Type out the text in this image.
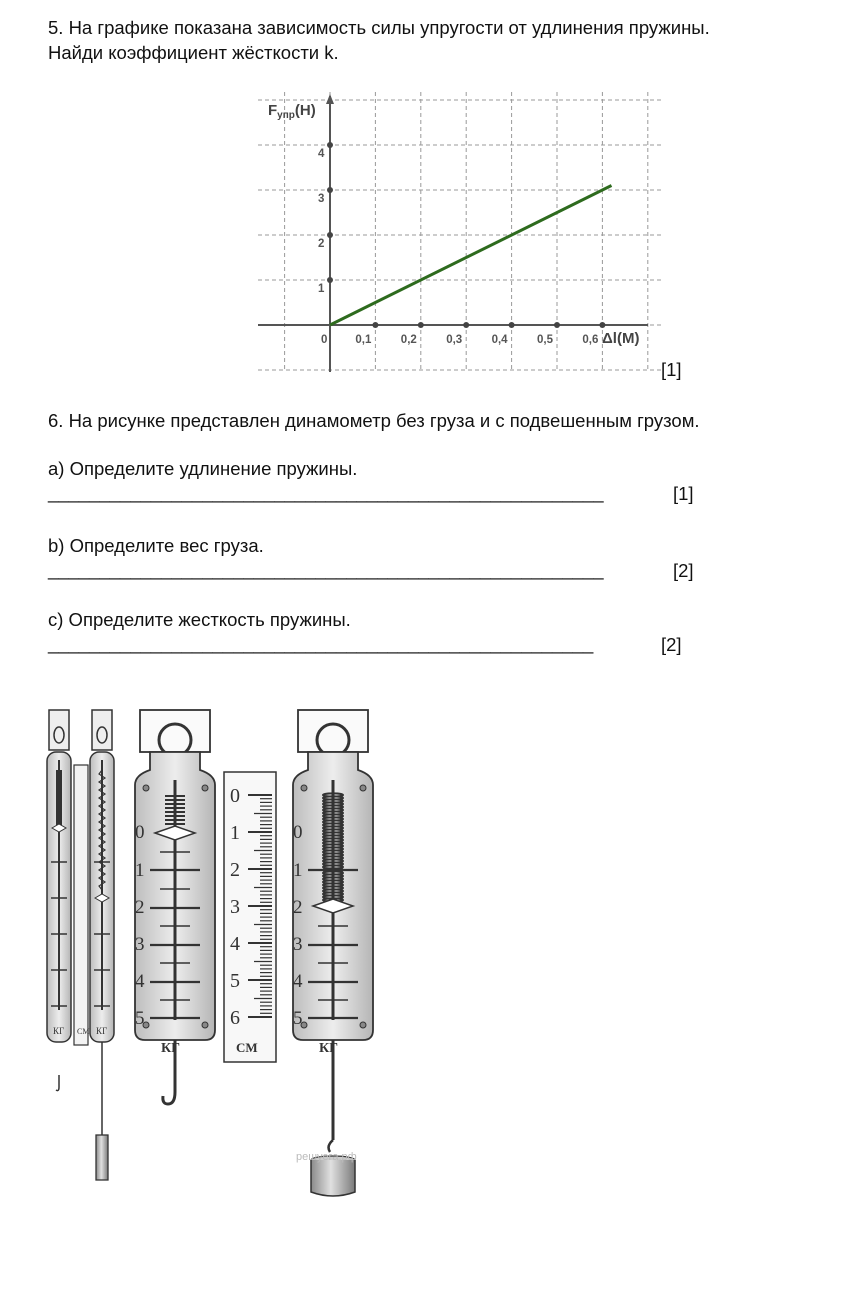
5. На графике показана зависимость силы упругости от удлинения пружины.
Найди коэффициент жёсткости k.
0 0,1	0,2	0,3	0,4	0,5	0,6
1
2
3
4
$F_{упр}(H)$
Δl(M)
[1]
6. На рисунке представлен динамометр без груза и с подвешенным грузом.
а) Определите удлинение пружины.
______________________________________________________	[1]
b) Определите вес груза.
______________________________________________________	[2]
с) Определите жесткость пружины.
_____________________________________________________	[2]
КГ СМ КГ
0
1
2
3
4
5
КГ
0
1
2
3
4
5
6
СМ
0
1
2
3
4
5
КГ
решуега.рф
